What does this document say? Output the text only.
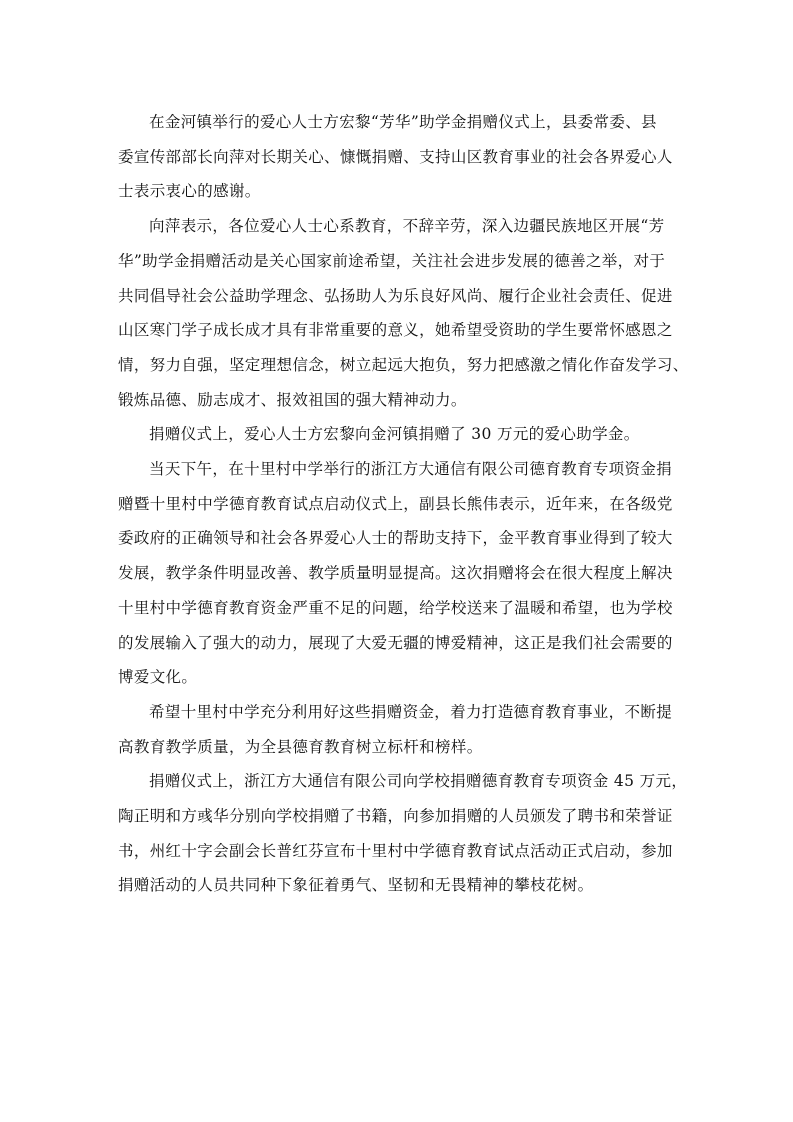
在金河镇举行的爱心人士方宏黎“芳华”助学金捐赠仪式上，县委常委、县
委宣传部部长向萍对长期关心、慷慨捐赠、支持山区教育事业的社会各界爱心人
士表示衷心的感谢。
向萍表示，各位爱心人士心系教育，不辞辛劳，深入边疆民族地区开展“芳
华”助学金捐赠活动是关心国家前途希望，关注社会进步发展的德善之举，对于
共同倡导社会公益助学理念、弘扬助人为乐良好风尚、履行企业社会责任、促进
山区寒门学子成长成才具有非常重要的意义，她希望受资助的学生要常怀感恩之
情，努力自强，坚定理想信念，树立起远大抱负，努力把感激之情化作奋发学习、
锻炼品德、励志成才、报效祖国的强大精神动力。
捐赠仪式上，爱心人士方宏黎向金河镇捐赠了 30 万元的爱心助学金。
当天下午，在十里村中学举行的浙江方大通信有限公司德育教育专项资金捐
赠暨十里村中学德育教育试点启动仪式上，副县长熊伟表示，近年来，在各级党
委政府的正确领导和社会各界爱心人士的帮助支持下，金平教育事业得到了较大
发展，教学条件明显改善、教学质量明显提高。这次捐赠将会在很大程度上解决
十里村中学德育教育资金严重不足的问题，给学校送来了温暖和希望，也为学校
的发展输入了强大的动力，展现了大爱无疆的博爱精神，这正是我们社会需要的
博爱文化。
希望十里村中学充分利用好这些捐赠资金，着力打造德育教育事业，不断提
高教育教学质量，为全县德育教育树立标杆和榜样。
捐赠仪式上，浙江方大通信有限公司向学校捐赠德育教育专项资金 45 万元，
陶正明和方彧华分别向学校捐赠了书籍，向参加捐赠的人员颁发了聘书和荣誉证
书，州红十字会副会长普红芬宣布十里村中学德育教育试点活动正式启动，参加
捐赠活动的人员共同种下象征着勇气、坚韧和无畏精神的攀枝花树。
